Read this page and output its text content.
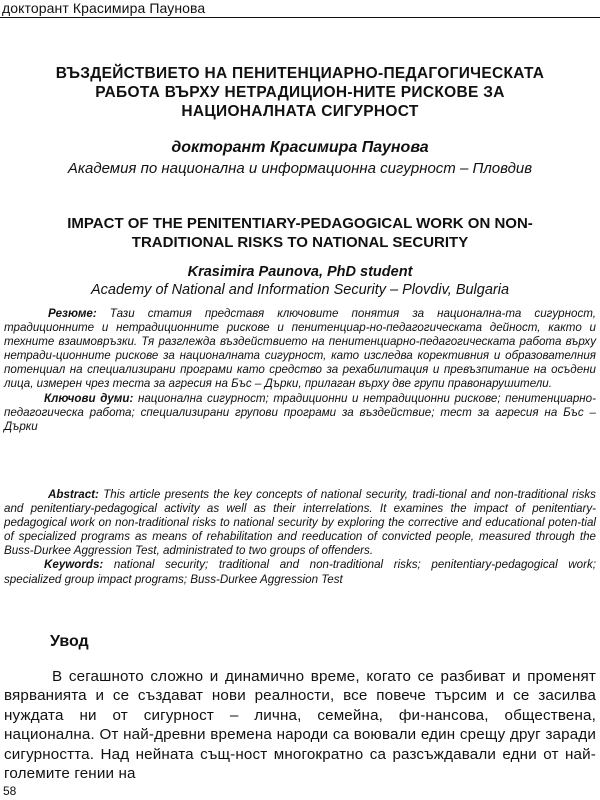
докторант Красимира Паунова
ВЪЗДЕЙСТВИЕТО НА ПЕНИТЕНЦИАРНО-ПЕДАГОГИЧЕСКАТА РАБОТА ВЪРХУ НЕТРАДИЦИОН-НИТЕ РИСКОВЕ ЗА НАЦИОНАЛНАТА СИГУРНОСТ
докторант Красимира Паунова
Академия по национална и информационна сигурност – Пловдив
IMPACT OF THE PENITENTIARY-PEDAGOGICAL WORK ON NON-TRADITIONAL RISKS TO NATIONAL SECURITY
Krasimira Paunova, PhD student
Academy of National and Information Security – Plovdiv, Bulgaria

Резюме: Тази статия представя ключовите понятия за национална-та сигурност, традиционните и нетрадиционните рискове и пенитенциар-но-педагогическата дейност, както и техните взаимовръзки. Тя разглежда въздействието на пенитенциарно-педагогическата работа върху нетради-ционните рискове за националната сигурност, като изследва корективния и образователния потенциал на специализирани програми като средство за рехабилитация и превъзпитание на осъдени лица, измерен чрез теста за агресия на Бъс – Дърки, прилаган върху две групи правонарушители.

Ключови думи: национална сигурност; традиционни и нетрадиционни рискове; пенитенциарно-педагогическа работа; специализирани групови програми за въздействие; тест за агресия на Бъс – Дърки

Abstract: This article presents the key concepts of national security, tradi-tional and non-traditional risks and penitentiary-pedagogical activity as well as their interrelations. It examines the impact of penitentiary-pedagogical work on non-traditional risks to national security by exploring the corrective and educational poten-tial of specialized programs as means of rehabilitation and reeducation of convicted people, measured through the Buss-Durkee Aggression Test, administrated to two groups of offenders.

Keywords: national security; traditional and non-traditional risks; penitentiary-pedagogical work; specialized group impact programs; Buss-Durkee Aggression Test

Увод

В сегашното сложно и динамично време, когато се разбиват и променят вярванията и се създават нови реалности, все повече търсим и се засилва нуждата ни от сигурност – лична, семейна, фи-нансова, обществена, национална. От най-древни времена народи са воювали един срещу друг заради сигурността. Над нейната същ-ност многократно са разсъждавали едни от най-големите гении на

58
